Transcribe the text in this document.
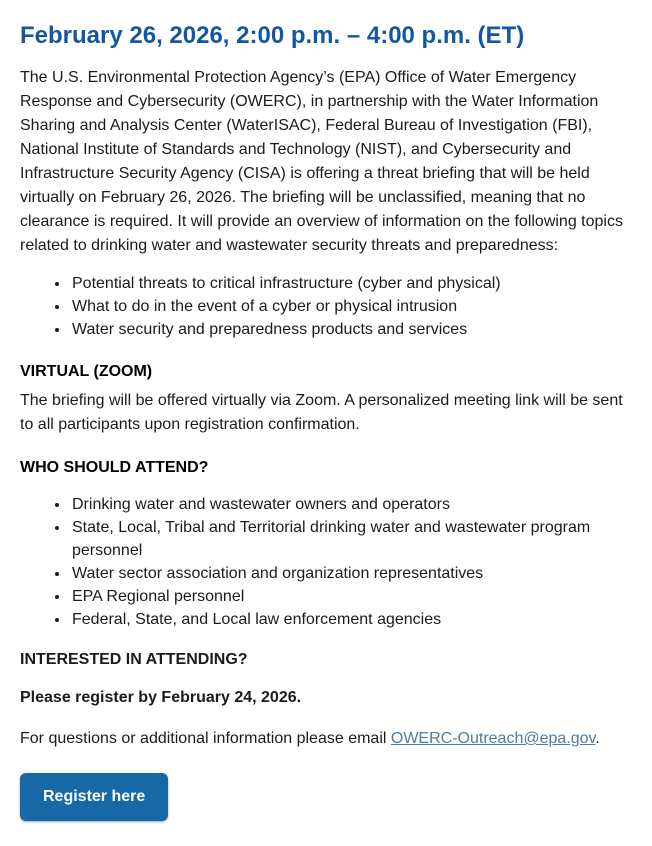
February 26, 2026, 2:00 p.m. – 4:00 p.m. (ET)

The U.S. Environmental Protection Agency’s (EPA) Office of Water Emergency Response and Cybersecurity (OWERC), in partnership with the Water Information Sharing and Analysis Center (WaterISAC), Federal Bureau of Investigation (FBI), National Institute of Standards and Technology (NIST), and Cybersecurity and Infrastructure Security Agency (CISA) is offering a threat briefing that will be held virtually on February 26, 2026. The briefing will be unclassified, meaning that no clearance is required. It will provide an overview of information on the following topics related to drinking water and wastewater security threats and preparedness:

• Potential threats to critical infrastructure (cyber and physical)
• What to do in the event of a cyber or physical intrusion
• Water security and preparedness products and services
VIRTUAL (ZOOM)

The briefing will be offered virtually via Zoom. A personalized meeting link will be sent to all participants upon registration confirmation.

WHO SHOULD ATTEND?
• Drinking water and wastewater owners and operators
• State, Local, Tribal and Territorial drinking water and wastewater program personnel
• Water sector association and organization representatives
• EPA Regional personnel
• Federal, State, and Local law enforcement agencies
INTERESTED IN ATTENDING?
Please register by February 24, 2026.

For questions or additional information please email OWERC-Outreach@epa.gov.

Register here
